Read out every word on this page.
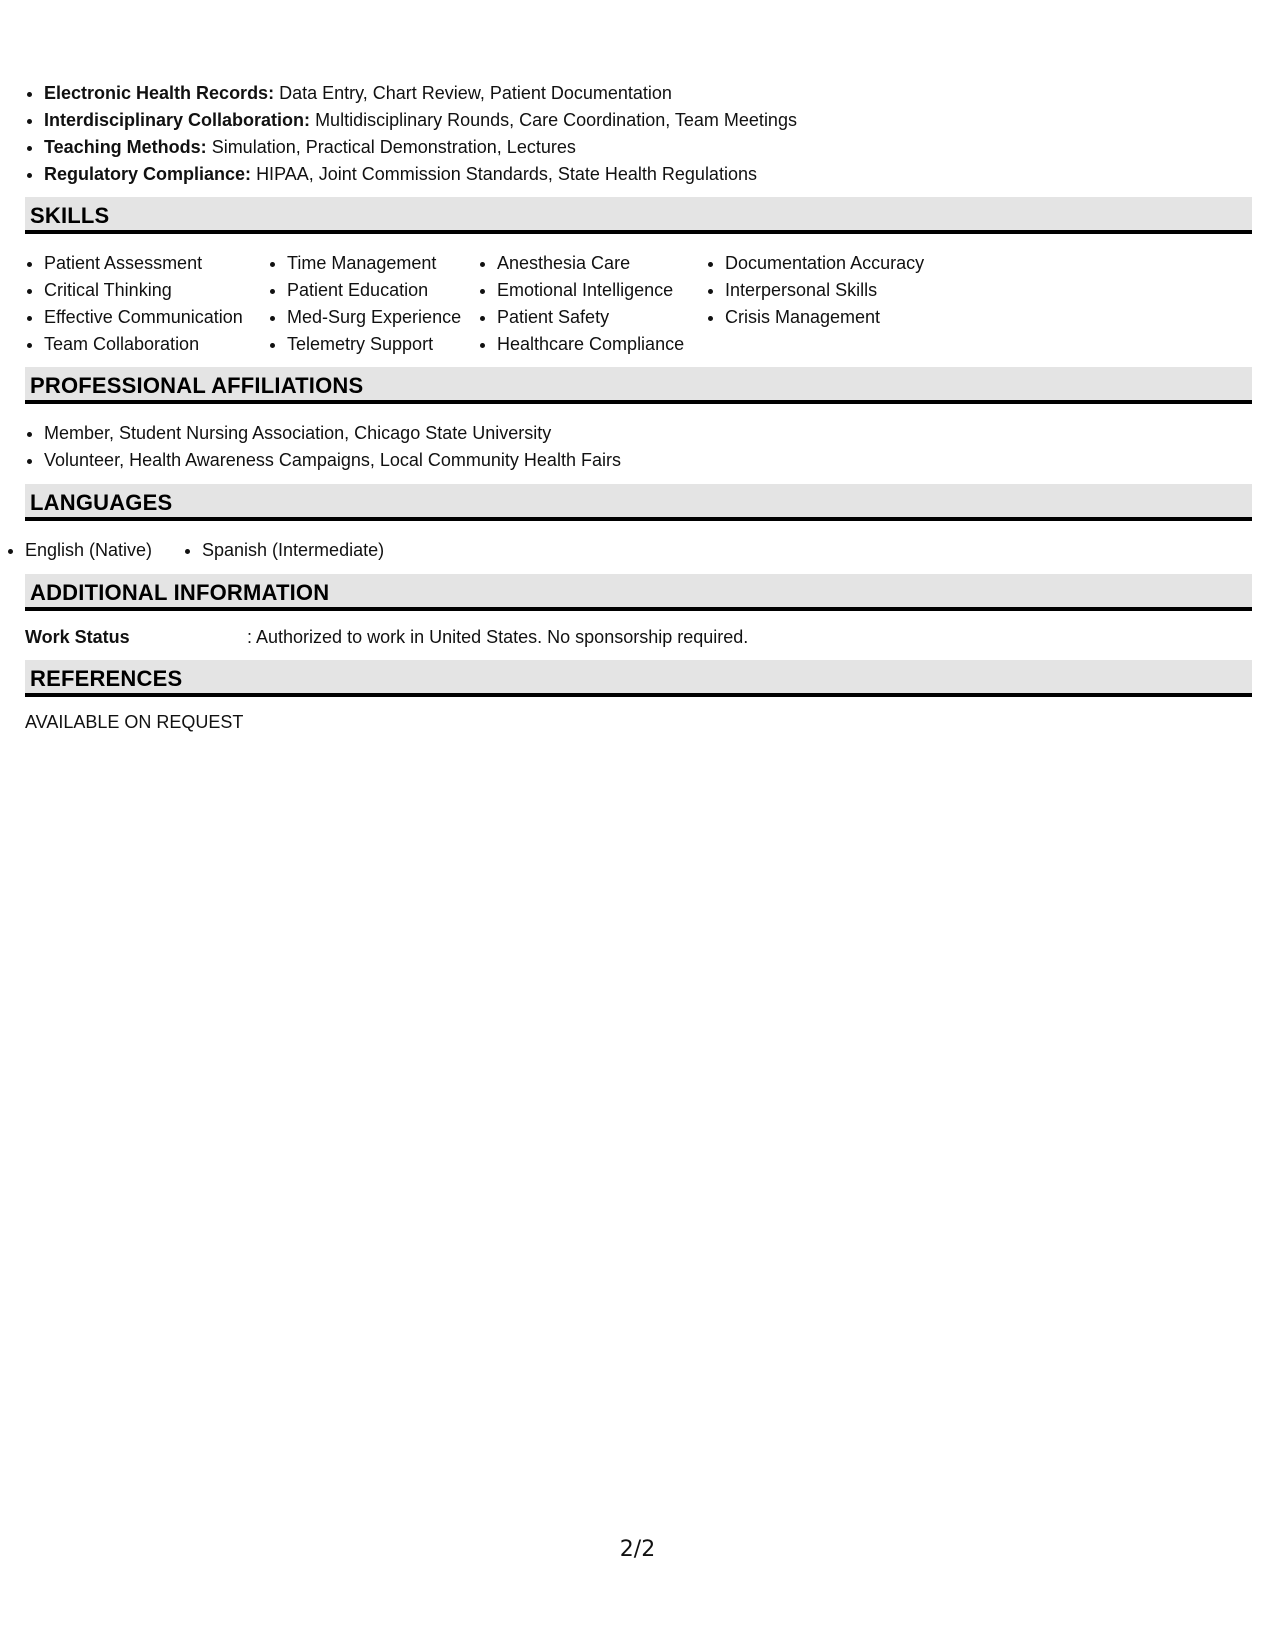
• Electronic Health Records: Data Entry, Chart Review, Patient Documentation
• Interdisciplinary Collaboration: Multidisciplinary Rounds, Care Coordination, Team Meetings
• Teaching Methods: Simulation, Practical Demonstration, Lectures
• Regulatory Compliance: HIPAA, Joint Commission Standards, State Health Regulations
SKILLS
• Patient Assessment
• Critical Thinking
• Effective Communication
• Team Collaboration
• Time Management
• Patient Education
• Med-Surg Experience
• Telemetry Support
• Anesthesia Care
• Emotional Intelligence
• Patient Safety
• Healthcare Compliance
• Documentation Accuracy
• Interpersonal Skills
• Crisis Management
PROFESSIONAL AFFILIATIONS
• Member, Student Nursing Association, Chicago State University
• Volunteer, Health Awareness Campaigns, Local Community Health Fairs
LANGUAGES
• English (Native)
•	Spanish (Intermediate)
ADDITIONAL INFORMATION
Work Status	: Authorized to work in United States. No sponsorship required.
REFERENCES
AVAILABLE ON REQUEST
2/2
